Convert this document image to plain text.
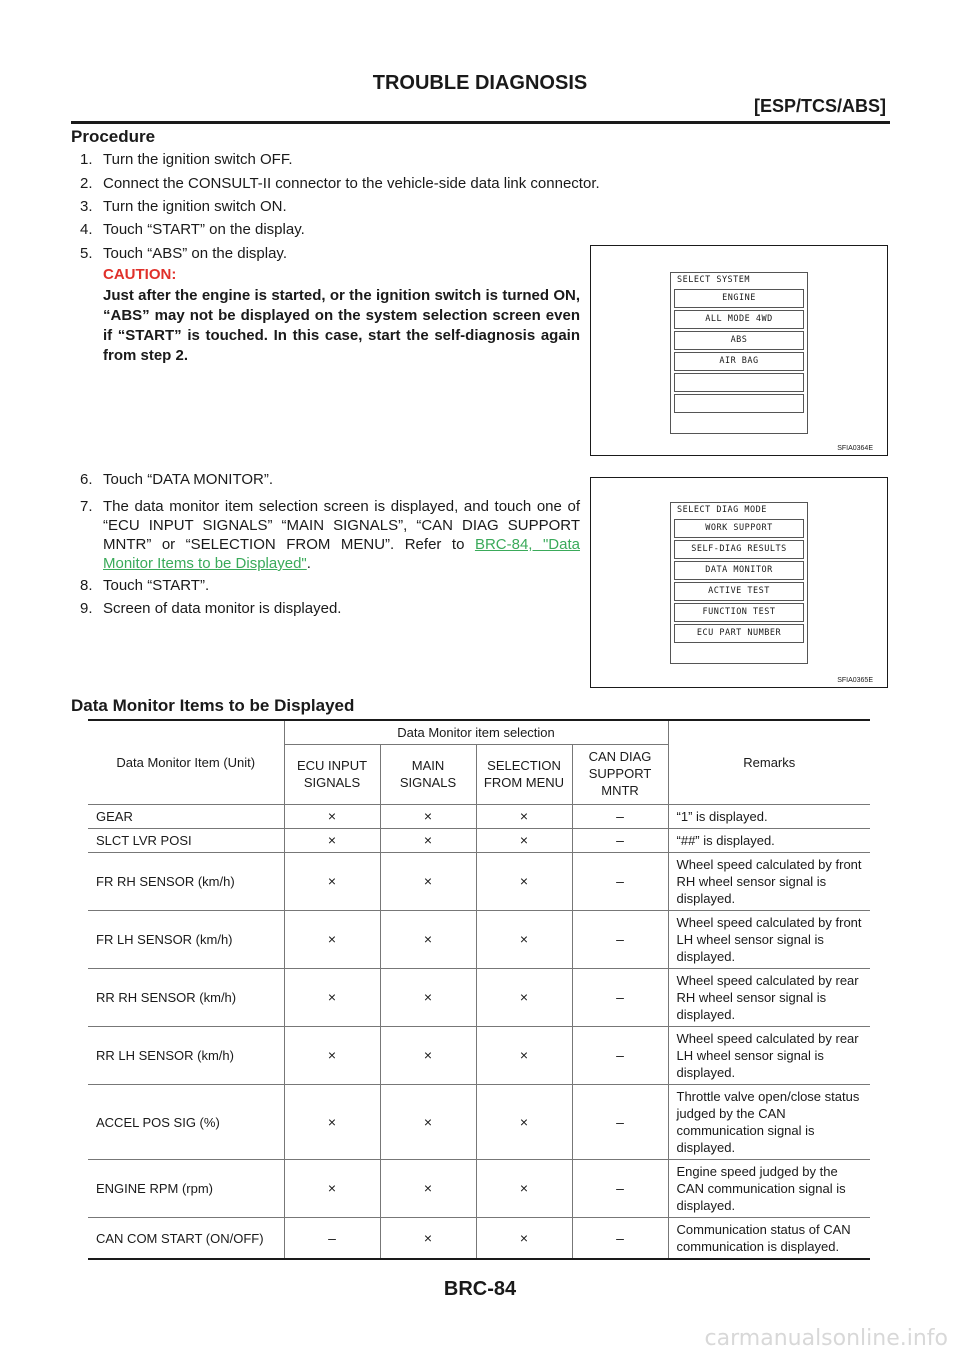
TROUBLE DIAGNOSIS
[ESP/TCS/ABS]
Procedure
1. Turn the ignition switch OFF.
2. Connect the CONSULT-II connector to the vehicle-side data link connector.
3. Turn the ignition switch ON.
4. Touch “START” on the display.
5. Touch “ABS” on the display.
CAUTION:
Just after the engine is started, or the ignition switch is turned ON, “ABS” may not be displayed on the system selection screen even if “START” is touched. In this case, start the self-diagnosis again from step 2.
6. Touch “DATA MONITOR”.
7. The data monitor item selection screen is displayed, and touch one of “ECU INPUT SIGNALS” “MAIN SIGNALS”, “CAN DIAG SUPPORT MNTR” or “SELECTION FROM MENU”. Refer to BRC-84, "Data Monitor Items to be Displayed".
8. Touch “START”.
9. Screen of data monitor is displayed.
SELECT SYSTEM
ENGINE
ALL MODE 4WD
ABS
AIR BAG
SFIA0364E
SELECT DIAG MODE
WORK SUPPORT
SELF-DIAG RESULTS
DATA MONITOR
ACTIVE TEST
FUNCTION TEST
ECU PART NUMBER
SFIA0365E
Data Monitor Items to be Displayed
Data Monitor Item (Unit)	Data Monitor item selection				Remarks
	ECU INPUT SIGNALS	MAIN SIGNALS	SELECTION FROM MENU	CAN DIAG SUPPORT MNTR	
GEAR	×	×	×	–	“1” is displayed.
SLCT LVR POSI	×	×	×	–	“##” is displayed.
FR RH SENSOR (km/h)	×	×	×	–	Wheel speed calculated by front RH wheel sensor signal is displayed.
FR LH SENSOR (km/h)	×	×	×	–	Wheel speed calculated by front LH wheel sensor signal is displayed.
RR RH SENSOR (km/h)	×	×	×	–	Wheel speed calculated by rear RH wheel sensor signal is displayed.
RR LH SENSOR (km/h)	×	×	×	–	Wheel speed calculated by rear LH wheel sensor signal is displayed.
ACCEL POS SIG (%)	×	×	×	–	Throttle valve open/close status judged by the CAN communication signal is displayed.
ENGINE RPM (rpm)	×	×	×	–	Engine speed judged by the CAN communication signal is displayed.
CAN COM START (ON/OFF)	–	×	×	–	Communication status of CAN communication is displayed.
BRC-84
carmanualsonline.info
